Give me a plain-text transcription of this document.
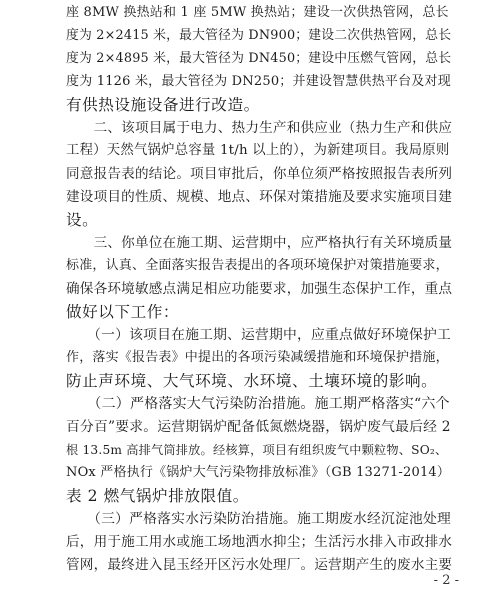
座 8MW 换热站和 1 座 5MW 换热站；建设一次供热管网，总长
度为 2×2415 米，最大管径为 DN900；建设二次供热管网，总长
度为 2×4895 米，最大管径为 DN450；建设中压燃气管网，总长
度为 1126 米，最大管径为 DN250；并建设智慧供热平台及对现
有供热设施设备进行改造。
　　二、该项目属于电力、热力生产和供应业（热力生产和供应
工程）天然气锅炉总容量 1t/h 以上的），为新建项目。我局原则
同意报告表的结论。项目审批后，你单位须严格按照报告表所列
建设项目的性质、规模、地点、环保对策措施及要求实施项目建
设。
　　三、你单位在施工期、运营期中，应严格执行有关环境质量
标准，认真、全面落实报告表提出的各项环境保护对策措施要求，
确保各环境敏感点满足相应功能要求，加强生态保护工作，重点
做好以下工作：
　　（一）该项目在施工期、运营期中，应重点做好环境保护工
作，落实《报告表》中提出的各项污染减缓措施和环境保护措施，
防止声环境、大气环境、水环境、土壤环境的影响。
　　（二）严格落实大气污染防治措施。施工期严格落实“六个
百分百”要求。运营期锅炉配备低氮燃烧器，锅炉废气最后经 2
根 13.5m 高排气筒排放。经核算，项目有组织废气中颗粒物、SO₂、
NOx 严格执行《锅炉大气污染物排放标准》（GB 13271-2014）
表 2 燃气锅炉排放限值。
　　（三）严格落实水污染防治措施。施工期废水经沉淀池处理
后，用于施工用水或施工场地洒水抑尘；生活污水排入市政排水
管网，最终进入昆玉经开区污水处理厂。运营期产生的废水主要
- 2 -
